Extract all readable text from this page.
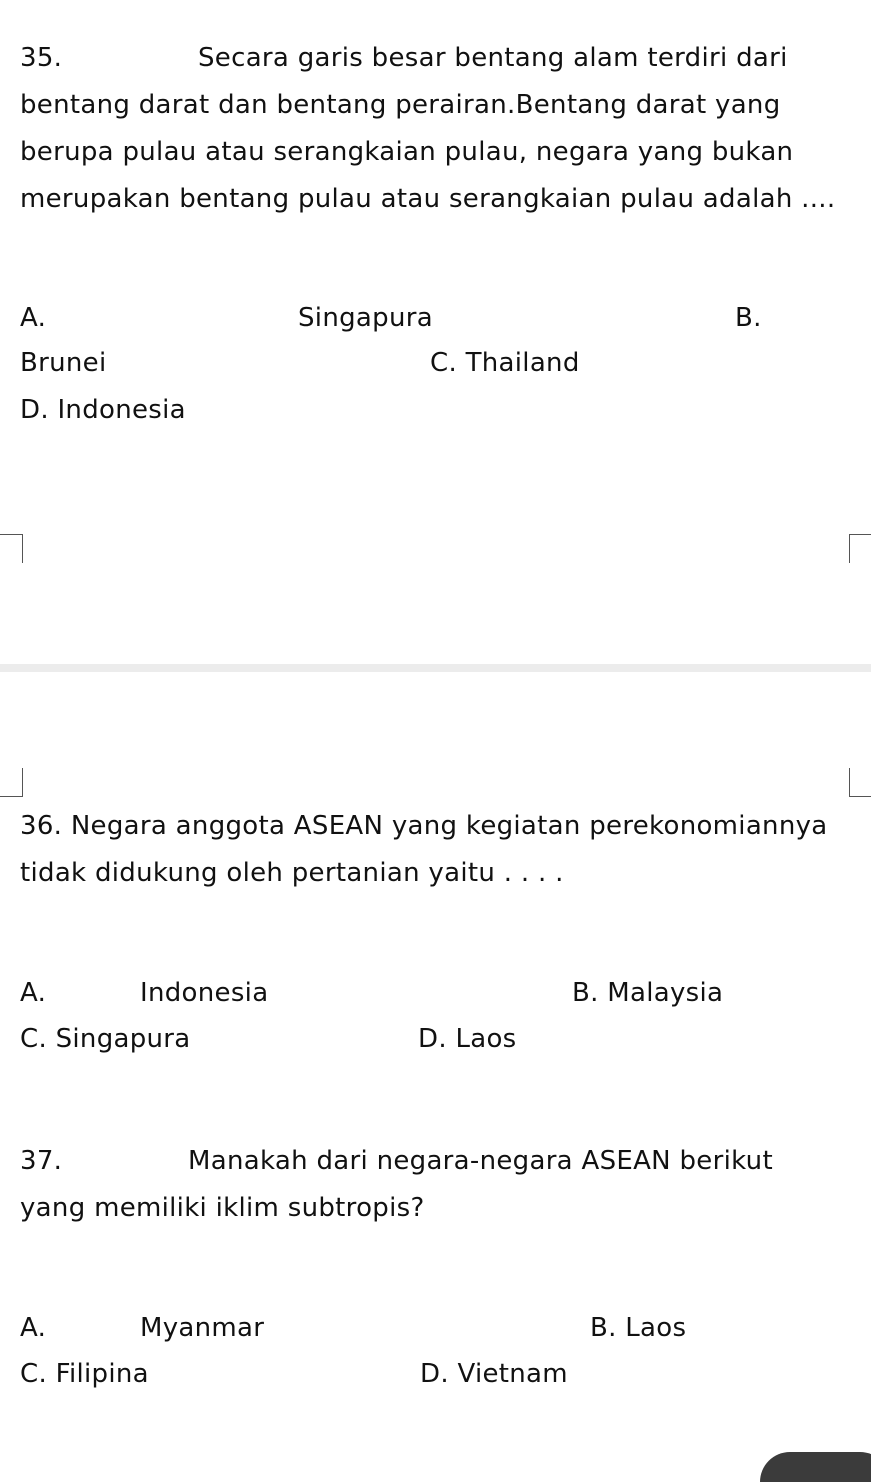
35.	Secara garis besar bentang alam terdiri dari
bentang darat dan bentang perairan.Bentang darat yang
berupa pulau atau serangkaian pulau, negara yang bukan
merupakan bentang pulau atau serangkaian pulau adalah ....
A.	Singapura	B.
Brunei	C. Thailand
D. Indonesia
36. Negara anggota ASEAN yang kegiatan perekonomiannya
tidak didukung oleh pertanian yaitu . . . .
A.	Indonesia	B. Malaysia
C. Singapura	D. Laos
37.	Manakah dari negara-negara ASEAN berikut
yang memiliki iklim subtropis?
A.	Myanmar	B. Laos
C. Filipina	D. Vietnam
